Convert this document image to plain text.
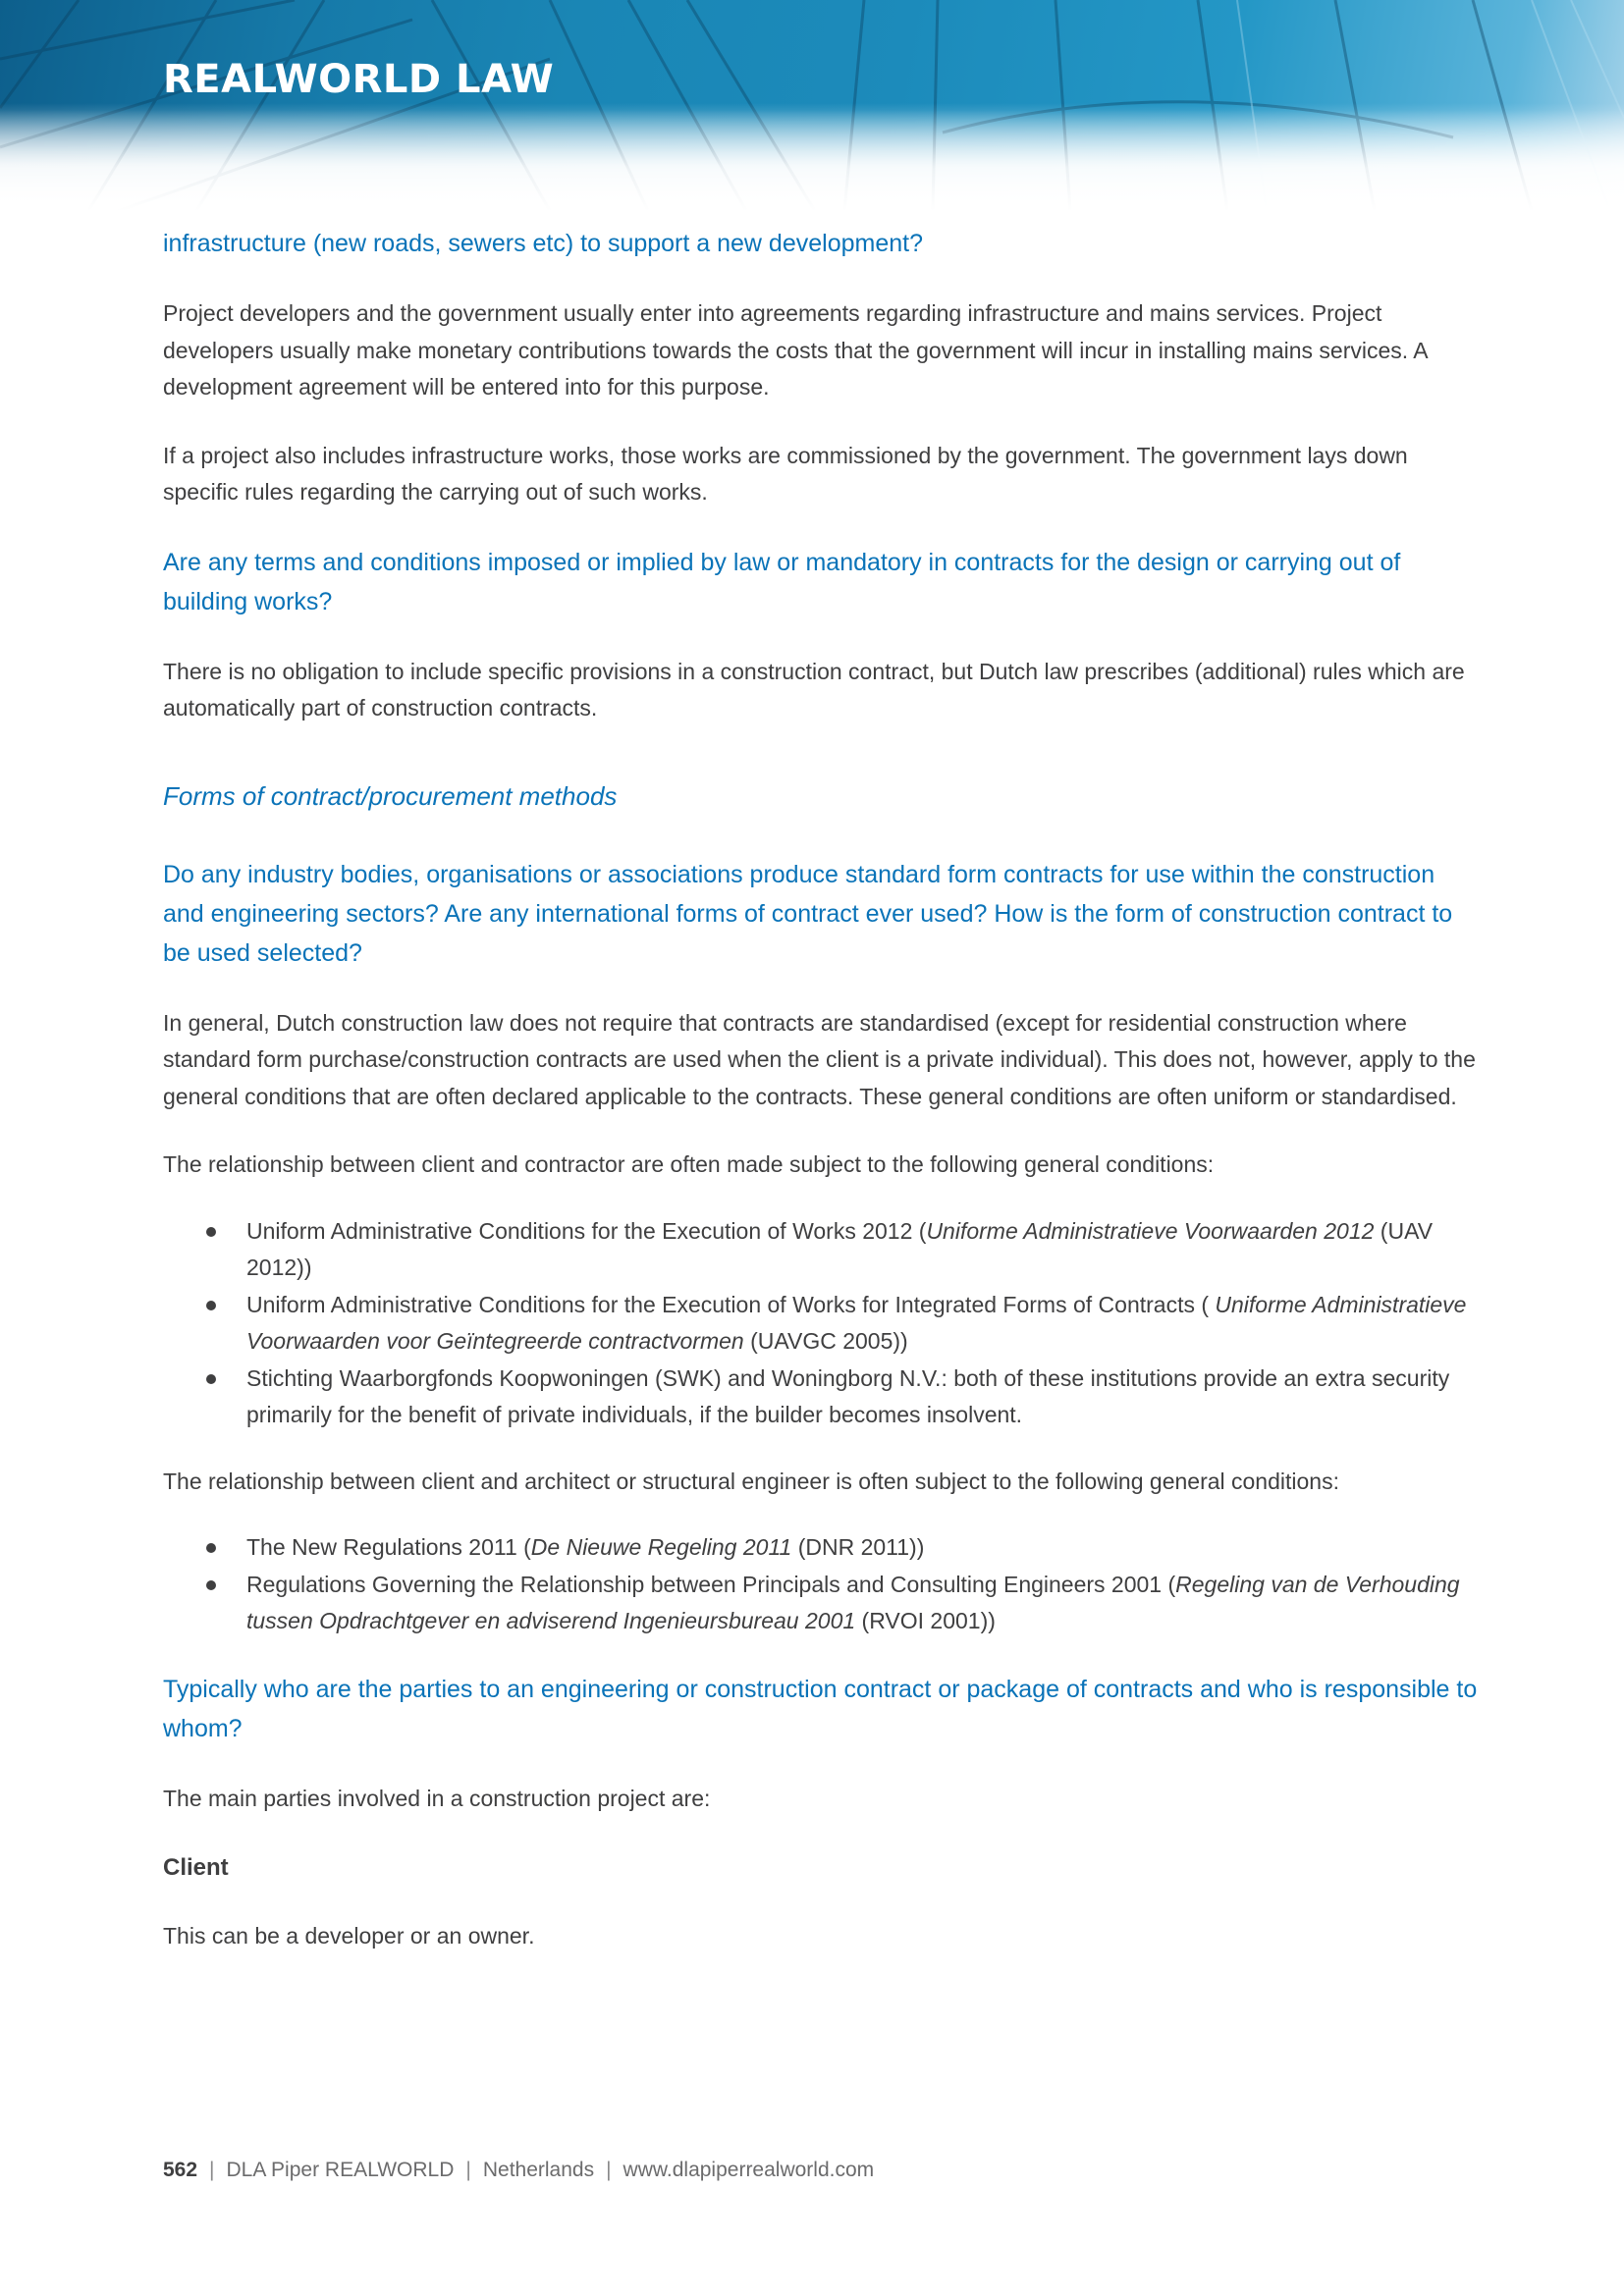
REALWORLD LAW
infrastructure (new roads, sewers etc) to support a new development?
Project developers and the government usually enter into agreements regarding infrastructure and mains services. Project developers usually make monetary contributions towards the costs that the government will incur in installing mains services. A development agreement will be entered into for this purpose.
If a project also includes infrastructure works, those works are commissioned by the government. The government lays down specific rules regarding the carrying out of such works.
Are any terms and conditions imposed or implied by law or mandatory in contracts for the design or carrying out of building works?
There is no obligation to include specific provisions in a construction contract, but Dutch law prescribes (additional) rules which are automatically part of construction contracts.
Forms of contract/procurement methods
Do any industry bodies, organisations or associations produce standard form contracts for use within the construction and engineering sectors? Are any international forms of contract ever used? How is the form of construction contract to be used selected?
In general, Dutch construction law does not require that contracts are standardised (except for residential construction where standard form purchase/construction contracts are used when the client is a private individual). This does not, however, apply to the general conditions that are often declared applicable to the contracts. These general conditions are often uniform or standardised.
The relationship between client and contractor are often made subject to the following general conditions:
Uniform Administrative Conditions for the Execution of Works 2012 (Uniforme Administratieve Voorwaarden 2012 (UAV 2012))
Uniform Administrative Conditions for the Execution of Works for Integrated Forms of Contracts ( Uniforme Administratieve Voorwaarden voor Geïntegreerde contractvormen (UAVGC 2005))
Stichting Waarborgfonds Koopwoningen (SWK) and Woningborg N.V.: both of these institutions provide an extra security primarily for the benefit of private individuals, if the builder becomes insolvent.
The relationship between client and architect or structural engineer is often subject to the following general conditions:
The New Regulations 2011 (De Nieuwe Regeling 2011 (DNR 2011))
Regulations Governing the Relationship between Principals and Consulting Engineers 2001 (Regeling van de Verhouding tussen Opdrachtgever en adviserend Ingenieursbureau 2001 (RVOI 2001))
Typically who are the parties to an engineering or construction contract or package of contracts and who is responsible to whom?
The main parties involved in a construction project are:
Client
This can be a developer or an owner.
562 | DLA Piper REALWORLD | Netherlands | www.dlapiperrealworld.com
